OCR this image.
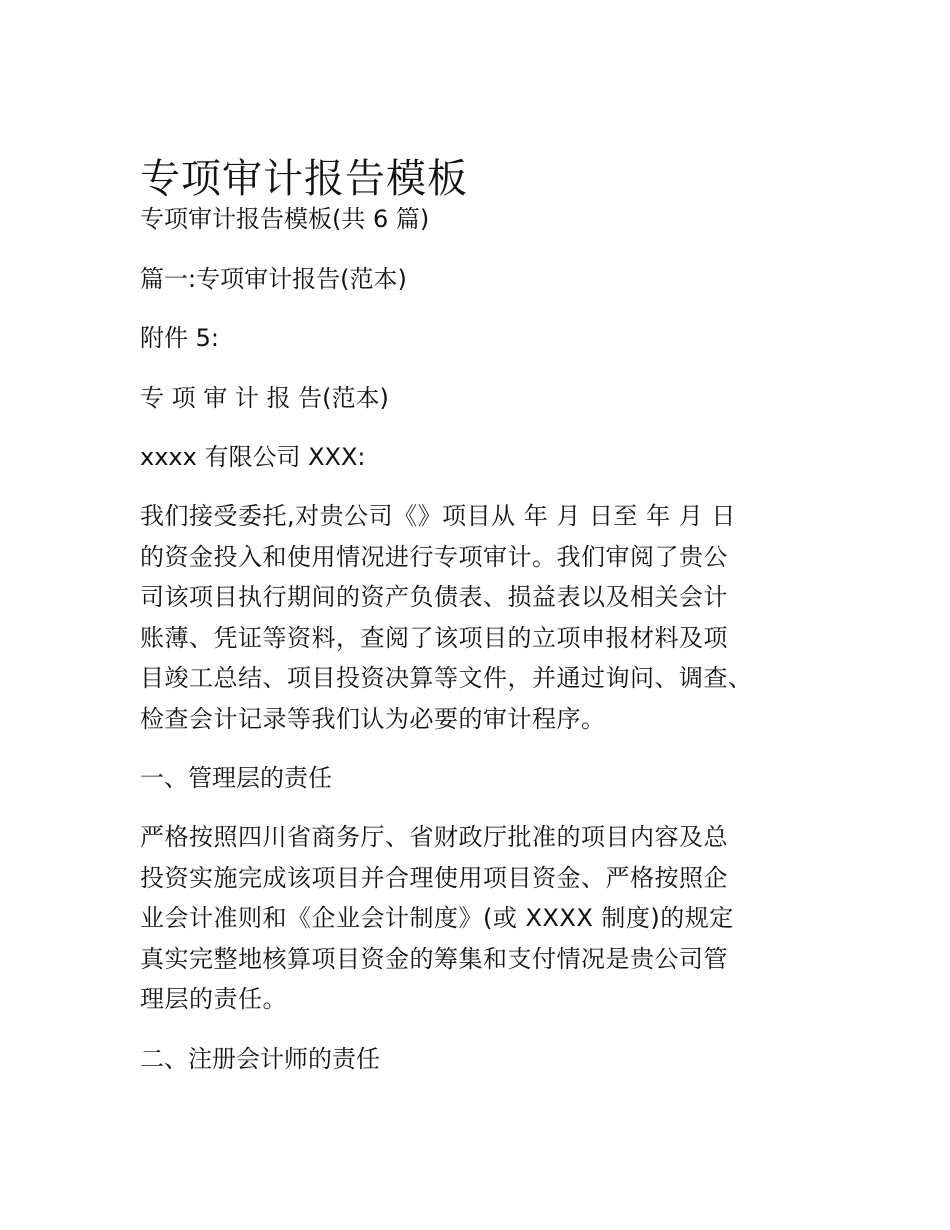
专项审计报告模板
专项审计报告模板(共 6 篇)
篇一:专项审计报告(范本)
附件 5:
专 项 审 计 报 告(范本)
xxxx 有限公司 XXX:
我们接受委托,对贵公司《》项目从 年 月 日至 年 月 日
的资金投入和使用情况进行专项审计。我们审阅了贵公
司该项目执行期间的资产负债表、损益表以及相关会计
账薄、凭证等资料，查阅了该项目的立项申报材料及项
目竣工总结、项目投资决算等文件，并通过询问、调查、
检查会计记录等我们认为必要的审计程序。
一、管理层的责任
严格按照四川省商务厅、省财政厅批准的项目内容及总
投资实施完成该项目并合理使用项目资金、严格按照企
业会计准则和《企业会计制度》(或 XXXX 制度)的规定
真实完整地核算项目资金的筹集和支付情况是贵公司管
理层的责任。
二、注册会计师的责任
